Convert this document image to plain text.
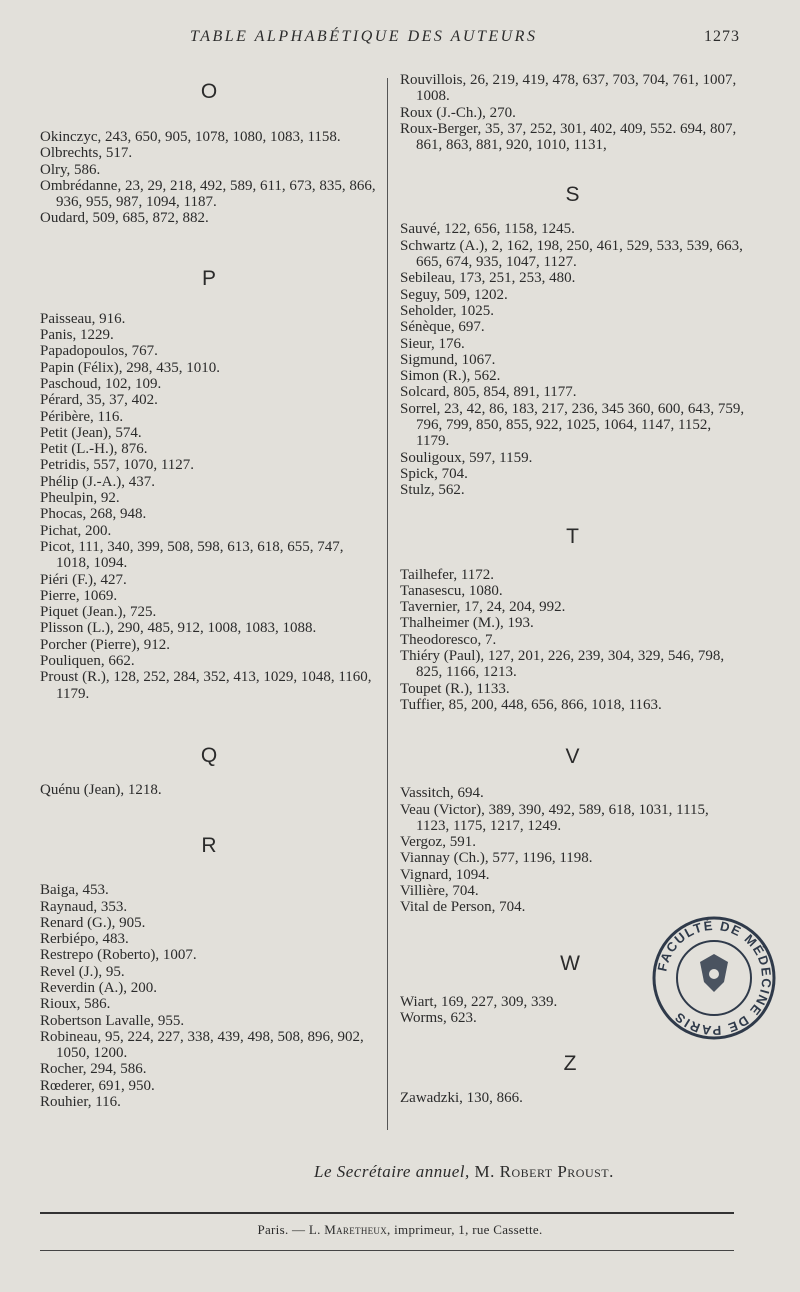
TABLE ALPHABÉTIQUE DES AUTEURS	1273
O
Okinczyc, 243, 650, 905, 1078, 1080, 1083, 1158.
Olbrechts, 517.
Olry, 586.
Ombrédanne, 23, 29, 218, 492, 589, 611, 673, 835, 866, 936, 955, 987, 1094, 1187.
Oudard, 509, 685, 872, 882.
P
Paisseau, 916.
Panis, 1229.
Papadopoulos, 767.
Papin (Félix), 298, 435, 1010.
Paschoud, 102, 109.
Pérard, 35, 37, 402.
Péribère, 116.
Petit (Jean), 574.
Petit (L.-H.), 876.
Petridis, 557, 1070, 1127.
Phélip (J.-A.), 437.
Pheulpin, 92.
Phocas, 268, 948.
Pichat, 200.
Picot, 111, 340, 399, 508, 598, 613, 618, 655, 747, 1018, 1094.
Piéri (F.), 427.
Pierre, 1069.
Piquet (Jean.), 725.
Plisson (L.), 290, 485, 912, 1008, 1083, 1088.
Porcher (Pierre), 912.
Pouliquen, 662.
Proust (R.), 128, 252, 284, 352, 413, 1029, 1048, 1160, 1179.
Q
Quénu (Jean), 1218.
R
Baiga, 453.
Raynaud, 353.
Renard (G.), 905.
Rerbiépo, 483.
Restrepo (Roberto), 1007.
Revel (J.), 95.
Reverdin (A.), 200.
Rioux, 586.
Robertson Lavalle, 955.
Robineau, 95, 224, 227, 338, 439, 498, 508, 896, 902, 1050, 1200.
Rocher, 294, 586.
Rœderer, 691, 950.
Rouhier, 116.
Rouvillois, 26, 219, 419, 478, 637, 703, 704, 761, 1007, 1008.
Roux (J.-Ch.), 270.
Roux-Berger, 35, 37, 252, 301, 402, 409, 552. 694, 807, 861, 863, 881, 920, 1010, 1131,
S
Sauvé, 122, 656, 1158, 1245.
Schwartz (A.), 2, 162, 198, 250, 461, 529, 533, 539, 663, 665, 674, 935, 1047, 1127.
Sebileau, 173, 251, 253, 480.
Seguy, 509, 1202.
Seholder, 1025.
Sénèque, 697.
Sieur, 176.
Sigmund, 1067.
Simon (R.), 562.
Solcard, 805, 854, 891, 1177.
Sorrel, 23, 42, 86, 183, 217, 236, 345 360, 600, 643, 759, 796, 799, 850, 855, 922, 1025, 1064, 1147, 1152, 1179.
Souligoux, 597, 1159.
Spick, 704.
Stulz, 562.
T
Tailhefer, 1172.
Tanasescu, 1080.
Tavernier, 17, 24, 204, 992.
Thalheimer (M.), 193.
Theodoresco, 7.
Thiéry (Paul), 127, 201, 226, 239, 304, 329, 546, 798, 825, 1166, 1213.
Toupet (R.), 1133.
Tuffier, 85, 200, 448, 656, 866, 1018, 1163.
V
Vassitch, 694.
Veau (Victor), 389, 390, 492, 589, 618, 1031, 1115, 1123, 1175, 1217, 1249.
Vergoz, 591.
Viannay (Ch.), 577, 1196, 1198.
Vignard, 1094.
Villière, 704.
Vital de Person, 704.
W
Wiart, 169, 227, 309, 339.
Worms, 623.
Z
Zawadzki, 130, 866.
FACULTÉ DE MÉDECINE DE PARIS
Le Secrétaire annuel, M. Robert Proust.
Paris. — L. Maretheux, imprimeur, 1, rue Cassette.
